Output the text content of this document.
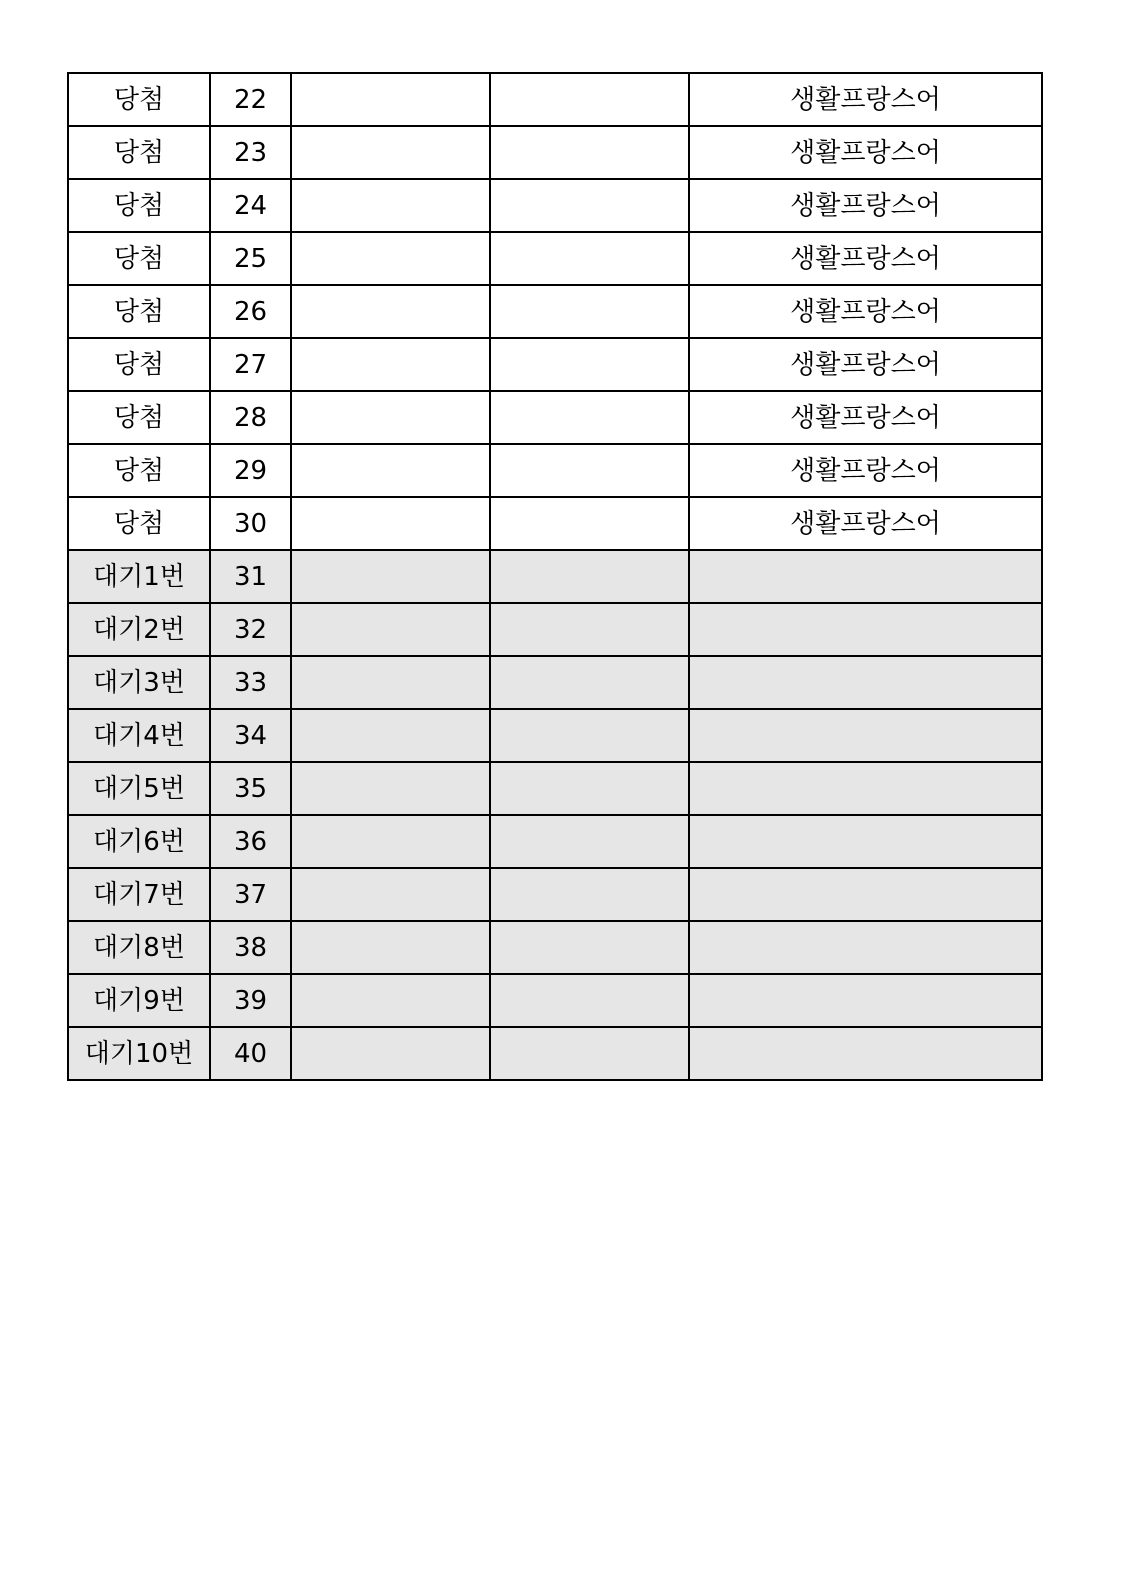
당첨	22			생활프랑스어
당첨	23			생활프랑스어
당첨	24			생활프랑스어
당첨	25			생활프랑스어
당첨	26			생활프랑스어
당첨	27			생활프랑스어
당첨	28			생활프랑스어
당첨	29			생활프랑스어
당첨	30			생활프랑스어
대기1번	31			
대기2번	32			
대기3번	33			
대기4번	34			
대기5번	35			
대기6번	36			
대기7번	37			
대기8번	38			
대기9번	39			
대기10번	40			
